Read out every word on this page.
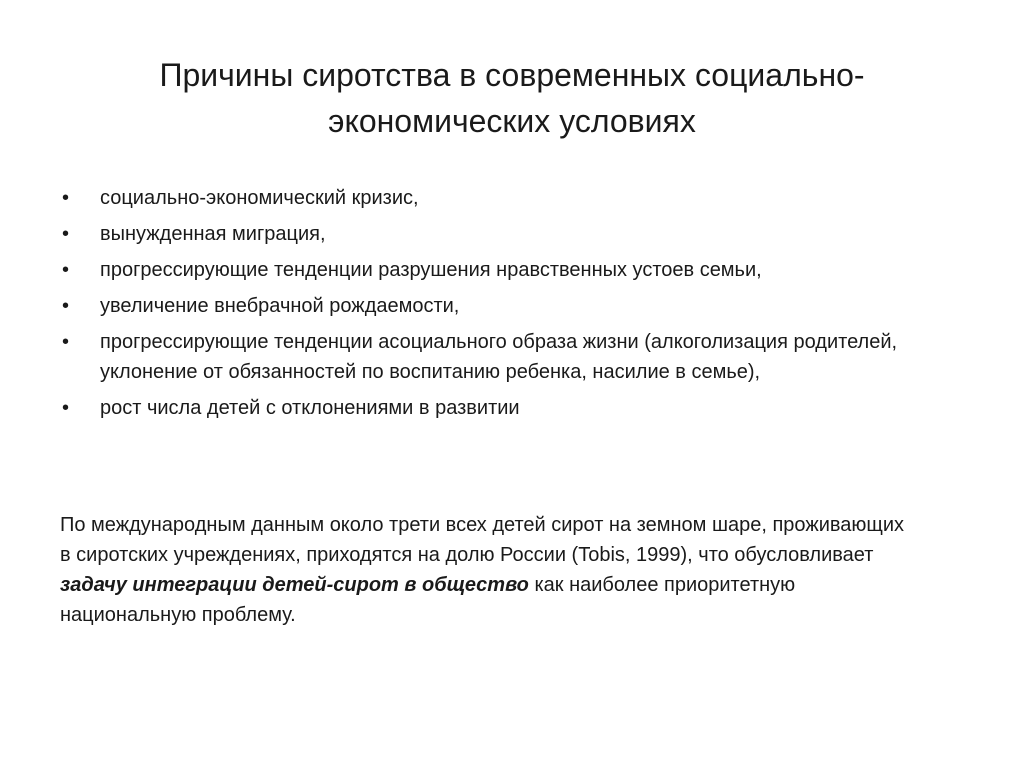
Причины сиротства в современных социально-экономических условиях
•	социально-экономический кризис,
•	вынужденная миграция,
•	прогрессирующие тенденции разрушения нравственных устоев семьи,
•	увеличение внебрачной рождаемости,
•	прогрессирующие тенденции асоциального образа жизни (алкоголизация родителей, уклонение от обязанностей по воспитанию ребенка, насилие в семье),
•	рост числа детей с отклонениями в развитии

По международным данным около трети всех детей сирот на земном шаре, проживающих в сиротских учреждениях, приходятся на долю России (Tobis, 1999), что обусловливает задачу интеграции детей-сирот в общество как наиболее приоритетную национальную проблему.
